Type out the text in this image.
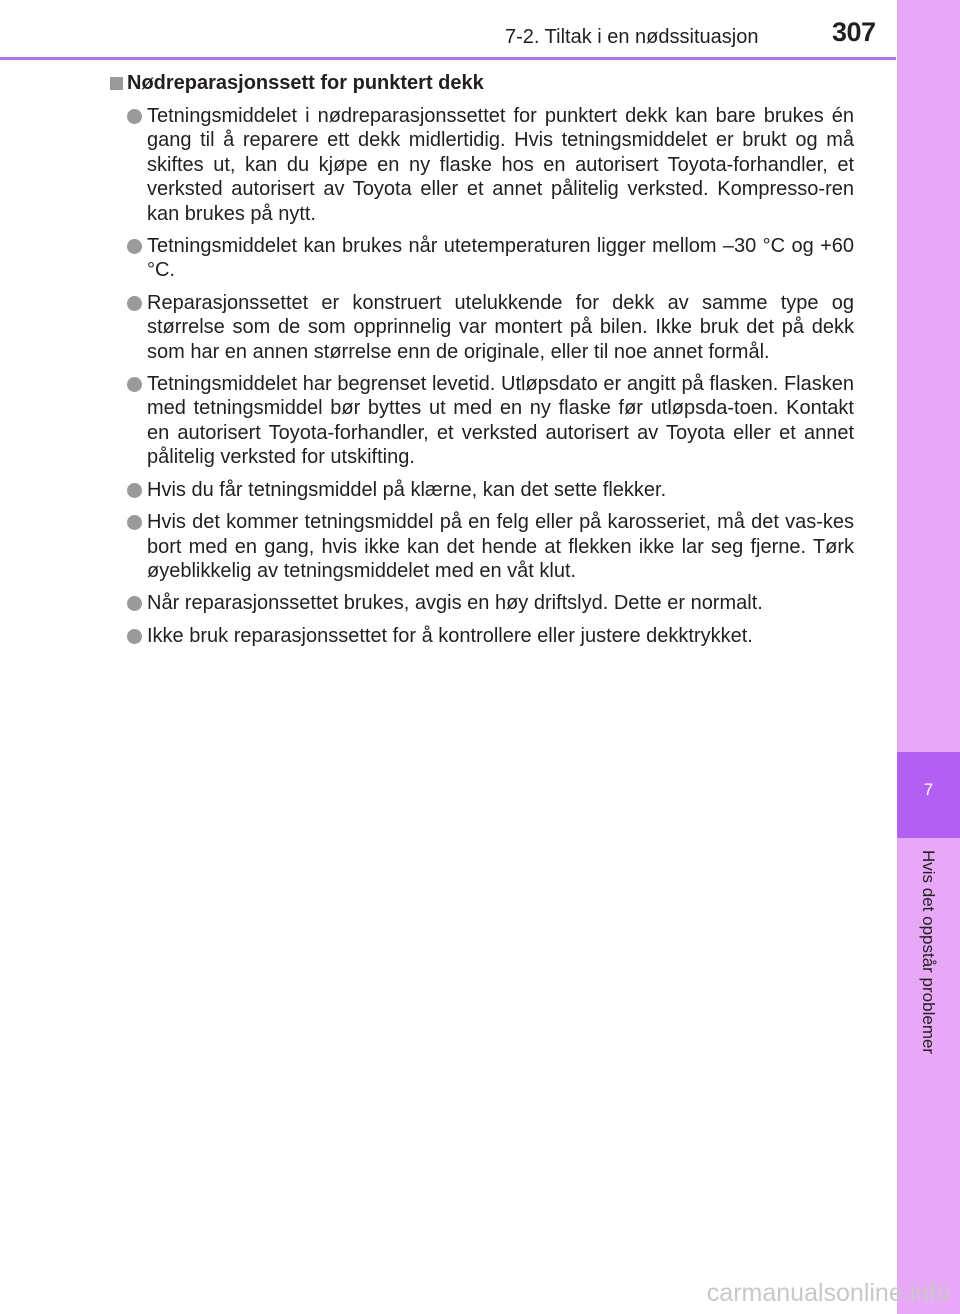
7-2. Tiltak i en nødssituasjon	307
7
Hvis det oppstår problemer
Nødreparasjonssett for punktert dekk
Tetningsmiddelet i nødreparasjonssettet for punktert dekk kan bare brukes én gang til å reparere ett dekk midlertidig. Hvis tetningsmiddelet er brukt og må skiftes ut, kan du kjøpe en ny flaske hos en autorisert Toyota-forhandler, et verksted autorisert av Toyota eller et annet pålitelig verksted. Kompresso-ren kan brukes på nytt.
Tetningsmiddelet kan brukes når utetemperaturen ligger mellom –30 °C og +60 °C.
Reparasjonssettet er konstruert utelukkende for dekk av samme type og størrelse som de som opprinnelig var montert på bilen. Ikke bruk det på dekk som har en annen størrelse enn de originale, eller til noe annet formål.
Tetningsmiddelet har begrenset levetid. Utløpsdato er angitt på flasken. Flasken med tetningsmiddel bør byttes ut med en ny flaske før utløpsda-toen. Kontakt en autorisert Toyota-forhandler, et verksted autorisert av Toyota eller et annet pålitelig verksted for utskifting.
Hvis du får tetningsmiddel på klærne, kan det sette flekker.
Hvis det kommer tetningsmiddel på en felg eller på karosseriet, må det vas-kes bort med en gang, hvis ikke kan det hende at flekken ikke lar seg fjerne. Tørk øyeblikkelig av tetningsmiddelet med en våt klut.
Når reparasjonssettet brukes, avgis en høy driftslyd. Dette er normalt.
Ikke bruk reparasjonssettet for å kontrollere eller justere dekktrykket.
carmanualsonline.info
